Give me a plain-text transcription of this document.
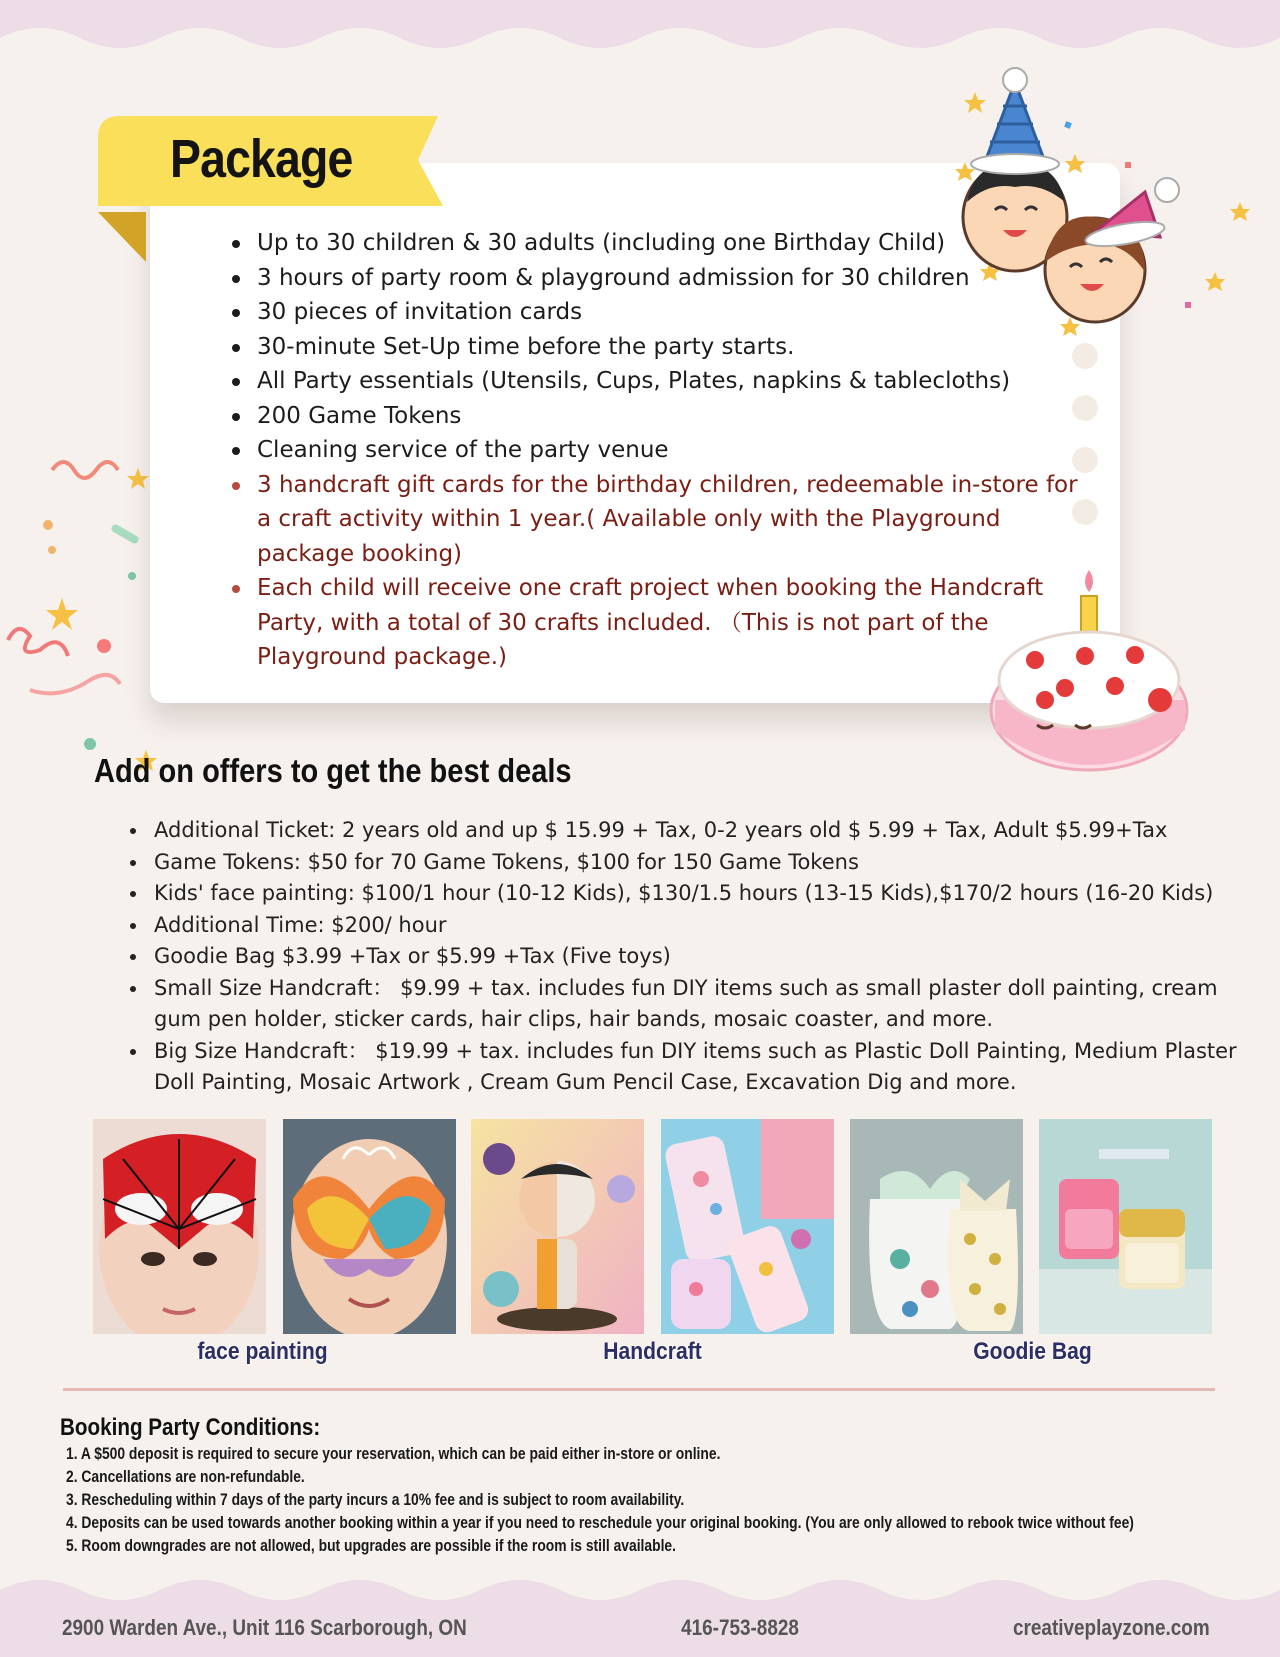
Package
Up to 30 children & 30 adults (including one Birthday Child)
3 hours of party room & playground admission for 30 children
30 pieces of invitation cards
30-minute Set-Up time before the party starts.
All Party essentials (Utensils, Cups, Plates, napkins & tablecloths)
200 Game Tokens
Cleaning service of the party venue
3 handcraft gift cards for the birthday children, redeemable in-store for a craft activity within 1 year.( Available only with the Playground package booking)
Each child will receive one craft project when booking the Handcraft Party, with a total of 30 crafts included. （This is not part of the Playground package.)
Add on offers to get the best deals
Additional Ticket: 2 years old and up $ 15.99 + Tax, 0-2 years old $ 5.99 + Tax, Adult $5.99+Tax
Game Tokens: $50 for 70 Game Tokens, $100 for 150 Game Tokens
Kids' face painting: $100/1 hour (10-12 Kids), $130/1.5 hours (13-15 Kids),$170/2 hours (16-20 Kids)
Additional Time: $200/ hour
Goodie Bag $3.99 +Tax or $5.99 +Tax (Five toys)
Small Size Handcraft： $9.99 + tax. includes fun DIY items such as small plaster doll painting, cream gum pen holder, sticker cards, hair clips, hair bands, mosaic coaster, and more.
Big Size Handcraft： $19.99 + tax. includes fun DIY items such as Plastic Doll Painting, Medium Plaster Doll Painting, Mosaic Artwork , Cream Gum Pencil Case, Excavation Dig and more.
face painting	Handcraft	Goodie Bag
Booking Party Conditions:
1. A $500 deposit is required to secure your reservation, which can be paid either in-store or online.
2. Cancellations are non-refundable.
3. Rescheduling within 7 days of the party incurs a 10% fee and is subject to room availability.
4. Deposits can be used towards another booking within a year if you need to reschedule your original booking. (You are only allowed to rebook twice without fee)
5. Room downgrades are not allowed, but upgrades are possible if the room is still available.
2900 Warden Ave., Unit 116 Scarborough, ON	416-753-8828	creativeplayzone.com
